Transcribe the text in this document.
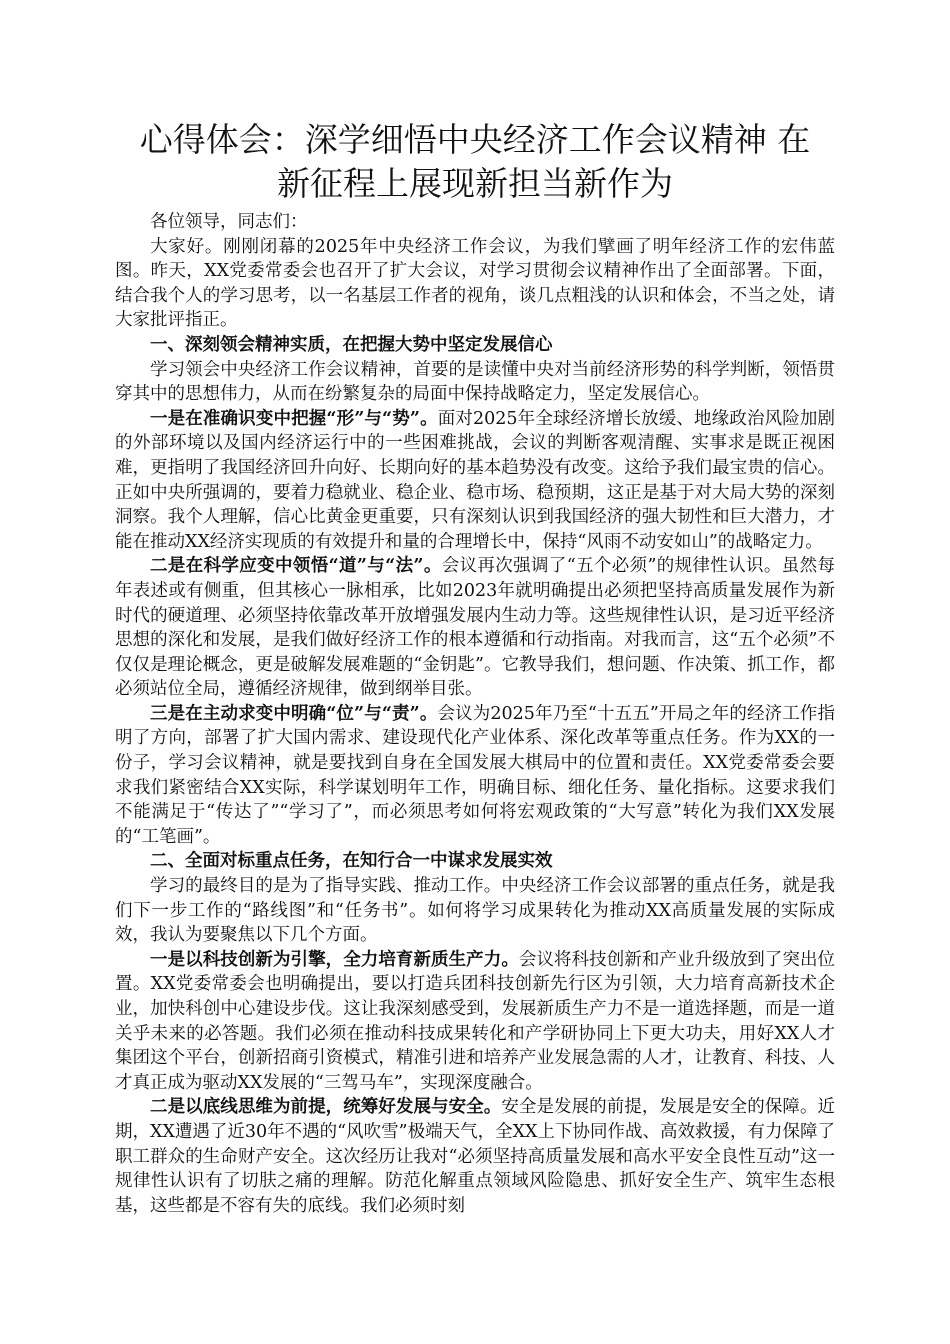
心得体会：深学细悟中央经济工作会议精神 在
新征程上展现新担当新作为

各位领导，同志们：

大家好。刚刚闭幕的2025年中央经济工作会议，为我们擘画了明年经济工作的宏伟蓝图。昨天，XX党委常委会也召开了扩大会议，对学习贯彻会议精神作出了全面部署。下面，结合我个人的学习思考，以一名基层工作者的视角，谈几点粗浅的认识和体会，不当之处，请大家批评指正。

一、深刻领会精神实质，在把握大势中坚定发展信心

学习领会中央经济工作会议精神，首要的是读懂中央对当前经济形势的科学判断，领悟贯穿其中的思想伟力，从而在纷繁复杂的局面中保持战略定力，坚定发展信心。

一是在准确识变中把握“形”与“势”。面对2025年全球经济增长放缓、地缘政治风险加剧的外部环境以及国内经济运行中的一些困难挑战，会议的判断客观清醒、实事求是既正视困难，更指明了我国经济回升向好、长期向好的基本趋势没有改变。这给予我们最宝贵的信心。正如中央所强调的，要着力稳就业、稳企业、稳市场、稳预期，这正是基于对大局大势的深刻洞察。我个人理解，信心比黄金更重要，只有深刻认识到我国经济的强大韧性和巨大潜力，才能在推动XX经济实现质的有效提升和量的合理增长中，保持“风雨不动安如山”的战略定力。

二是在科学应变中领悟“道”与“法”。会议再次强调了“五个必须”的规律性认识。虽然每年表述或有侧重，但其核心一脉相承，比如2023年就明确提出必须把坚持高质量发展作为新时代的硬道理、必须坚持依靠改革开放增强发展内生动力等。这些规律性认识，是习近平经济思想的深化和发展，是我们做好经济工作的根本遵循和行动指南。对我而言，这“五个必须”不仅仅是理论概念，更是破解发展难题的“金钥匙”。它教导我们，想问题、作决策、抓工作，都必须站位全局，遵循经济规律，做到纲举目张。

三是在主动求变中明确“位”与“责”。会议为2025年乃至“十五五”开局之年的经济工作指明了方向，部署了扩大国内需求、建设现代化产业体系、深化改革等重点任务。作为XX的一份子，学习会议精神，就是要找到自身在全国发展大棋局中的位置和责任。XX党委常委会要求我们紧密结合XX实际，科学谋划明年工作，明确目标、细化任务、量化指标。这要求我们不能满足于“传达了”“学习了”，而必须思考如何将宏观政策的“大写意”转化为我们XX发展的“工笔画”。

二、全面对标重点任务，在知行合一中谋求发展实效

学习的最终目的是为了指导实践、推动工作。中央经济工作会议部署的重点任务，就是我们下一步工作的“路线图”和“任务书”。如何将学习成果转化为推动XX高质量发展的实际成效，我认为要聚焦以下几个方面。

一是以科技创新为引擎，全力培育新质生产力。会议将科技创新和产业升级放到了突出位置。XX党委常委会也明确提出，要以打造兵团科技创新先行区为引领，大力培育高新技术企业，加快科创中心建设步伐。这让我深刻感受到，发展新质生产力不是一道选择题，而是一道关乎未来的必答题。我们必须在推动科技成果转化和产学研协同上下更大功夫，用好XX人才集团这个平台，创新招商引资模式，精准引进和培养产业发展急需的人才，让教育、科技、人才真正成为驱动XX发展的“三驾马车”，实现深度融合。

二是以底线思维为前提，统筹好发展与安全。安全是发展的前提，发展是安全的保障。近期，XX遭遇了近30年不遇的“风吹雪”极端天气，全XX上下协同作战、高效救援，有力保障了职工群众的生命财产安全。这次经历让我对“必须坚持高质量发展和高水平安全良性互动”这一规律性认识有了切肤之痛的理解。防范化解重点领域风险隐患、抓好安全生产、筑牢生态根基，这些都是不容有失的底线。我们必须时刻
